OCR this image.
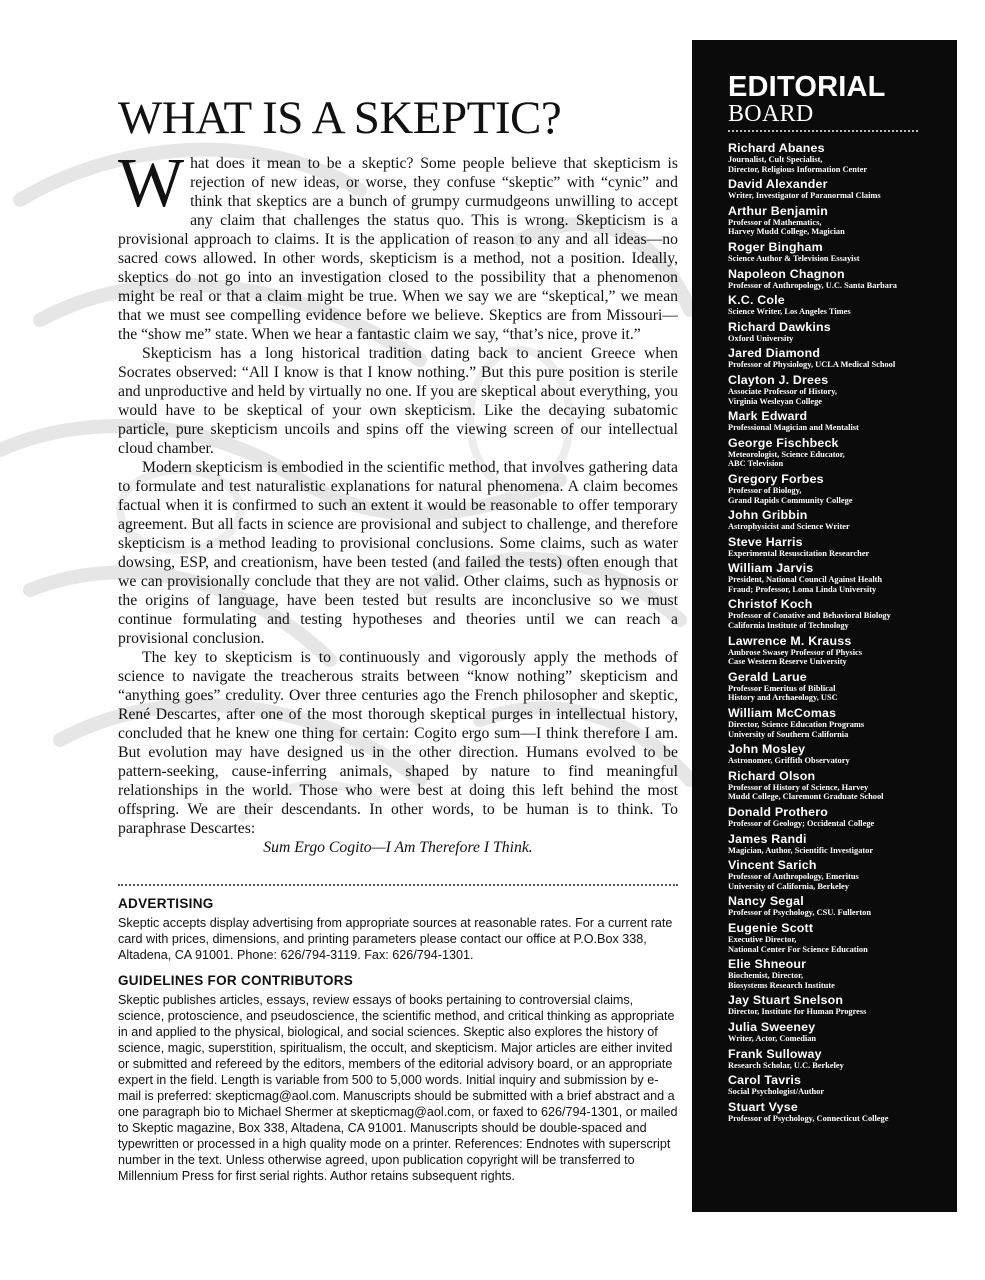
WHAT IS A SKEPTIC?

What does it mean to be a skeptic? Some people believe that skepticism is rejection of new ideas, or worse, they confuse “skeptic” with “cynic” and think that skeptics are a bunch of grumpy curmudgeons unwilling to accept any claim that challenges the status quo. This is wrong. Skepticism is a provisional approach to claims. It is the application of reason to any and all ideas—no sacred cows allowed. In other words, skepticism is a method, not a position. Ideally, skeptics do not go into an investigation closed to the possibility that a phenomenon might be real or that a claim might be true. When we say we are “skeptical,” we mean that we must see compelling evidence before we believe. Skeptics are from Missouri—the “show me” state. When we hear a fantastic claim we say, “that’s nice, prove it.”

Skepticism has a long historical tradition dating back to ancient Greece when Socrates observed: “All I know is that I know nothing.” But this pure position is sterile and unproductive and held by virtually no one. If you are skeptical about everything, you would have to be skeptical of your own skepticism. Like the decaying subatomic particle, pure skepticism uncoils and spins off the viewing screen of our intellectual cloud chamber.

Modern skepticism is embodied in the scientific method, that involves gathering data to formulate and test naturalistic explanations for natural phenomena. A claim becomes factual when it is confirmed to such an extent it would be reasonable to offer temporary agreement. But all facts in science are provisional and subject to challenge, and therefore skepticism is a method leading to provisional conclusions. Some claims, such as water dowsing, ESP, and creationism, have been tested (and failed the tests) often enough that we can provisionally conclude that they are not valid. Other claims, such as hypnosis or the origins of language, have been tested but results are inconclusive so we must continue formulating and testing hypotheses and theories until we can reach a provisional conclusion.

The key to skepticism is to continuously and vigorously apply the methods of science to navigate the treacherous straits between “know nothing” skepticism and “anything goes” credulity. Over three centuries ago the French philosopher and skeptic, René Descartes, after one of the most thorough skeptical purges in intellectual history, concluded that he knew one thing for certain: Cogito ergo sum—I think therefore I am. But evolution may have designed us in the other direction. Humans evolved to be pattern-seeking, cause-inferring animals, shaped by nature to find meaningful relationships in the world. Those who were best at doing this left behind the most offspring. We are their descendants. In other words, to be human is to think. To paraphrase Descartes:

Sum Ergo Cogito—I Am Therefore I Think.
ADVERTISING

Skeptic accepts display advertising from appropriate sources at reasonable rates. For a current rate card with prices, dimensions, and printing parameters please contact our office at P.O.Box 338, Altadena, CA 91001. Phone: 626/794-3119. Fax: 626/794-1301.

GUIDELINES FOR CONTRIBUTORS

Skeptic publishes articles, essays, review essays of books pertaining to controversial claims, science, protoscience, and pseudoscience, the scientific method, and critical thinking as appropriate in and applied to the physical, biological, and social sciences. Skeptic also explores the history of science, magic, superstition, spiritualism, the occult, and skepticism. Major articles are either invited or submitted and refereed by the editors, members of the editorial advisory board, or an appropriate expert in the field. Length is variable from 500 to 5,000 words. Initial inquiry and submission by e-mail is preferred: skepticmag@aol.com. Manuscripts should be submitted with a brief abstract and a one paragraph bio to Michael Shermer at skepticmag@aol.com, or faxed to 626/794-1301, or mailed to Skeptic magazine, Box 338, Altadena, CA 91001. Manuscripts should be double-spaced and typewritten or processed in a high quality mode on a printer. References: Endnotes with superscript number in the text. Unless otherwise agreed, upon publication copyright will be transferred to Millennium Press for first serial rights. Author retains subsequent rights.

EDITORIAL
BOARD
Richard Abanes
Journalist, Cult Specialist,
Director, Religious Information Center
David Alexander
Writer, Investigator of Paranormal Claims
Arthur Benjamin
Professor of Mathematics,
Harvey Mudd College, Magician
Roger Bingham
Science Author & Television Essayist
Napoleon Chagnon
Professor of Anthropology, U.C. Santa Barbara
K.C. Cole
Science Writer, Los Angeles Times
Richard Dawkins
Oxford University
Jared Diamond
Professor of Physiology, UCLA Medical School
Clayton J. Drees
Associate Professor of History,
Virginia Wesleyan College
Mark Edward
Professional Magician and Mentalist
George Fischbeck
Meteorologist, Science Educator,
ABC Television
Gregory Forbes
Professor of Biology,
Grand Rapids Community College
John Gribbin
Astrophysicist and Science Writer
Steve Harris
Experimental Resuscitation Researcher
William Jarvis
President, National Council Against Health
Fraud; Professor, Loma Linda University
Christof Koch
Professor of Conative and Behavioral Biology
California Institute of Technology
Lawrence M. Krauss
Ambrose Swasey Professor of Physics
Case Western Reserve University
Gerald Larue
Professor Emeritus of Biblical
History and Archaeology, USC
William McComas
Director, Science Education Programs
University of Southern California
John Mosley
Astronomer, Griffith Observatory
Richard Olson
Professor of History of Science, Harvey
Mudd College, Claremont Graduate School
Donald Prothero
Professor of Geology; Occidental College
James Randi
Magician, Author, Scientific Investigator
Vincent Sarich
Professor of Anthropology, Emeritus
University of California, Berkeley
Nancy Segal
Professor of Psychology, CSU. Fullerton
Eugenie Scott
Executive Director,
National Center For Science Education
Elie Shneour
Biochemist, Director,
Biosystems Research Institute
Jay Stuart Snelson
Director, Institute for Human Progress
Julia Sweeney
Writer, Actor, Comedian
Frank Sulloway
Research Scholar, U.C. Berkeley
Carol Tavris
Social Psychologist/Author
Stuart Vyse
Professor of Psychology, Connecticut College
